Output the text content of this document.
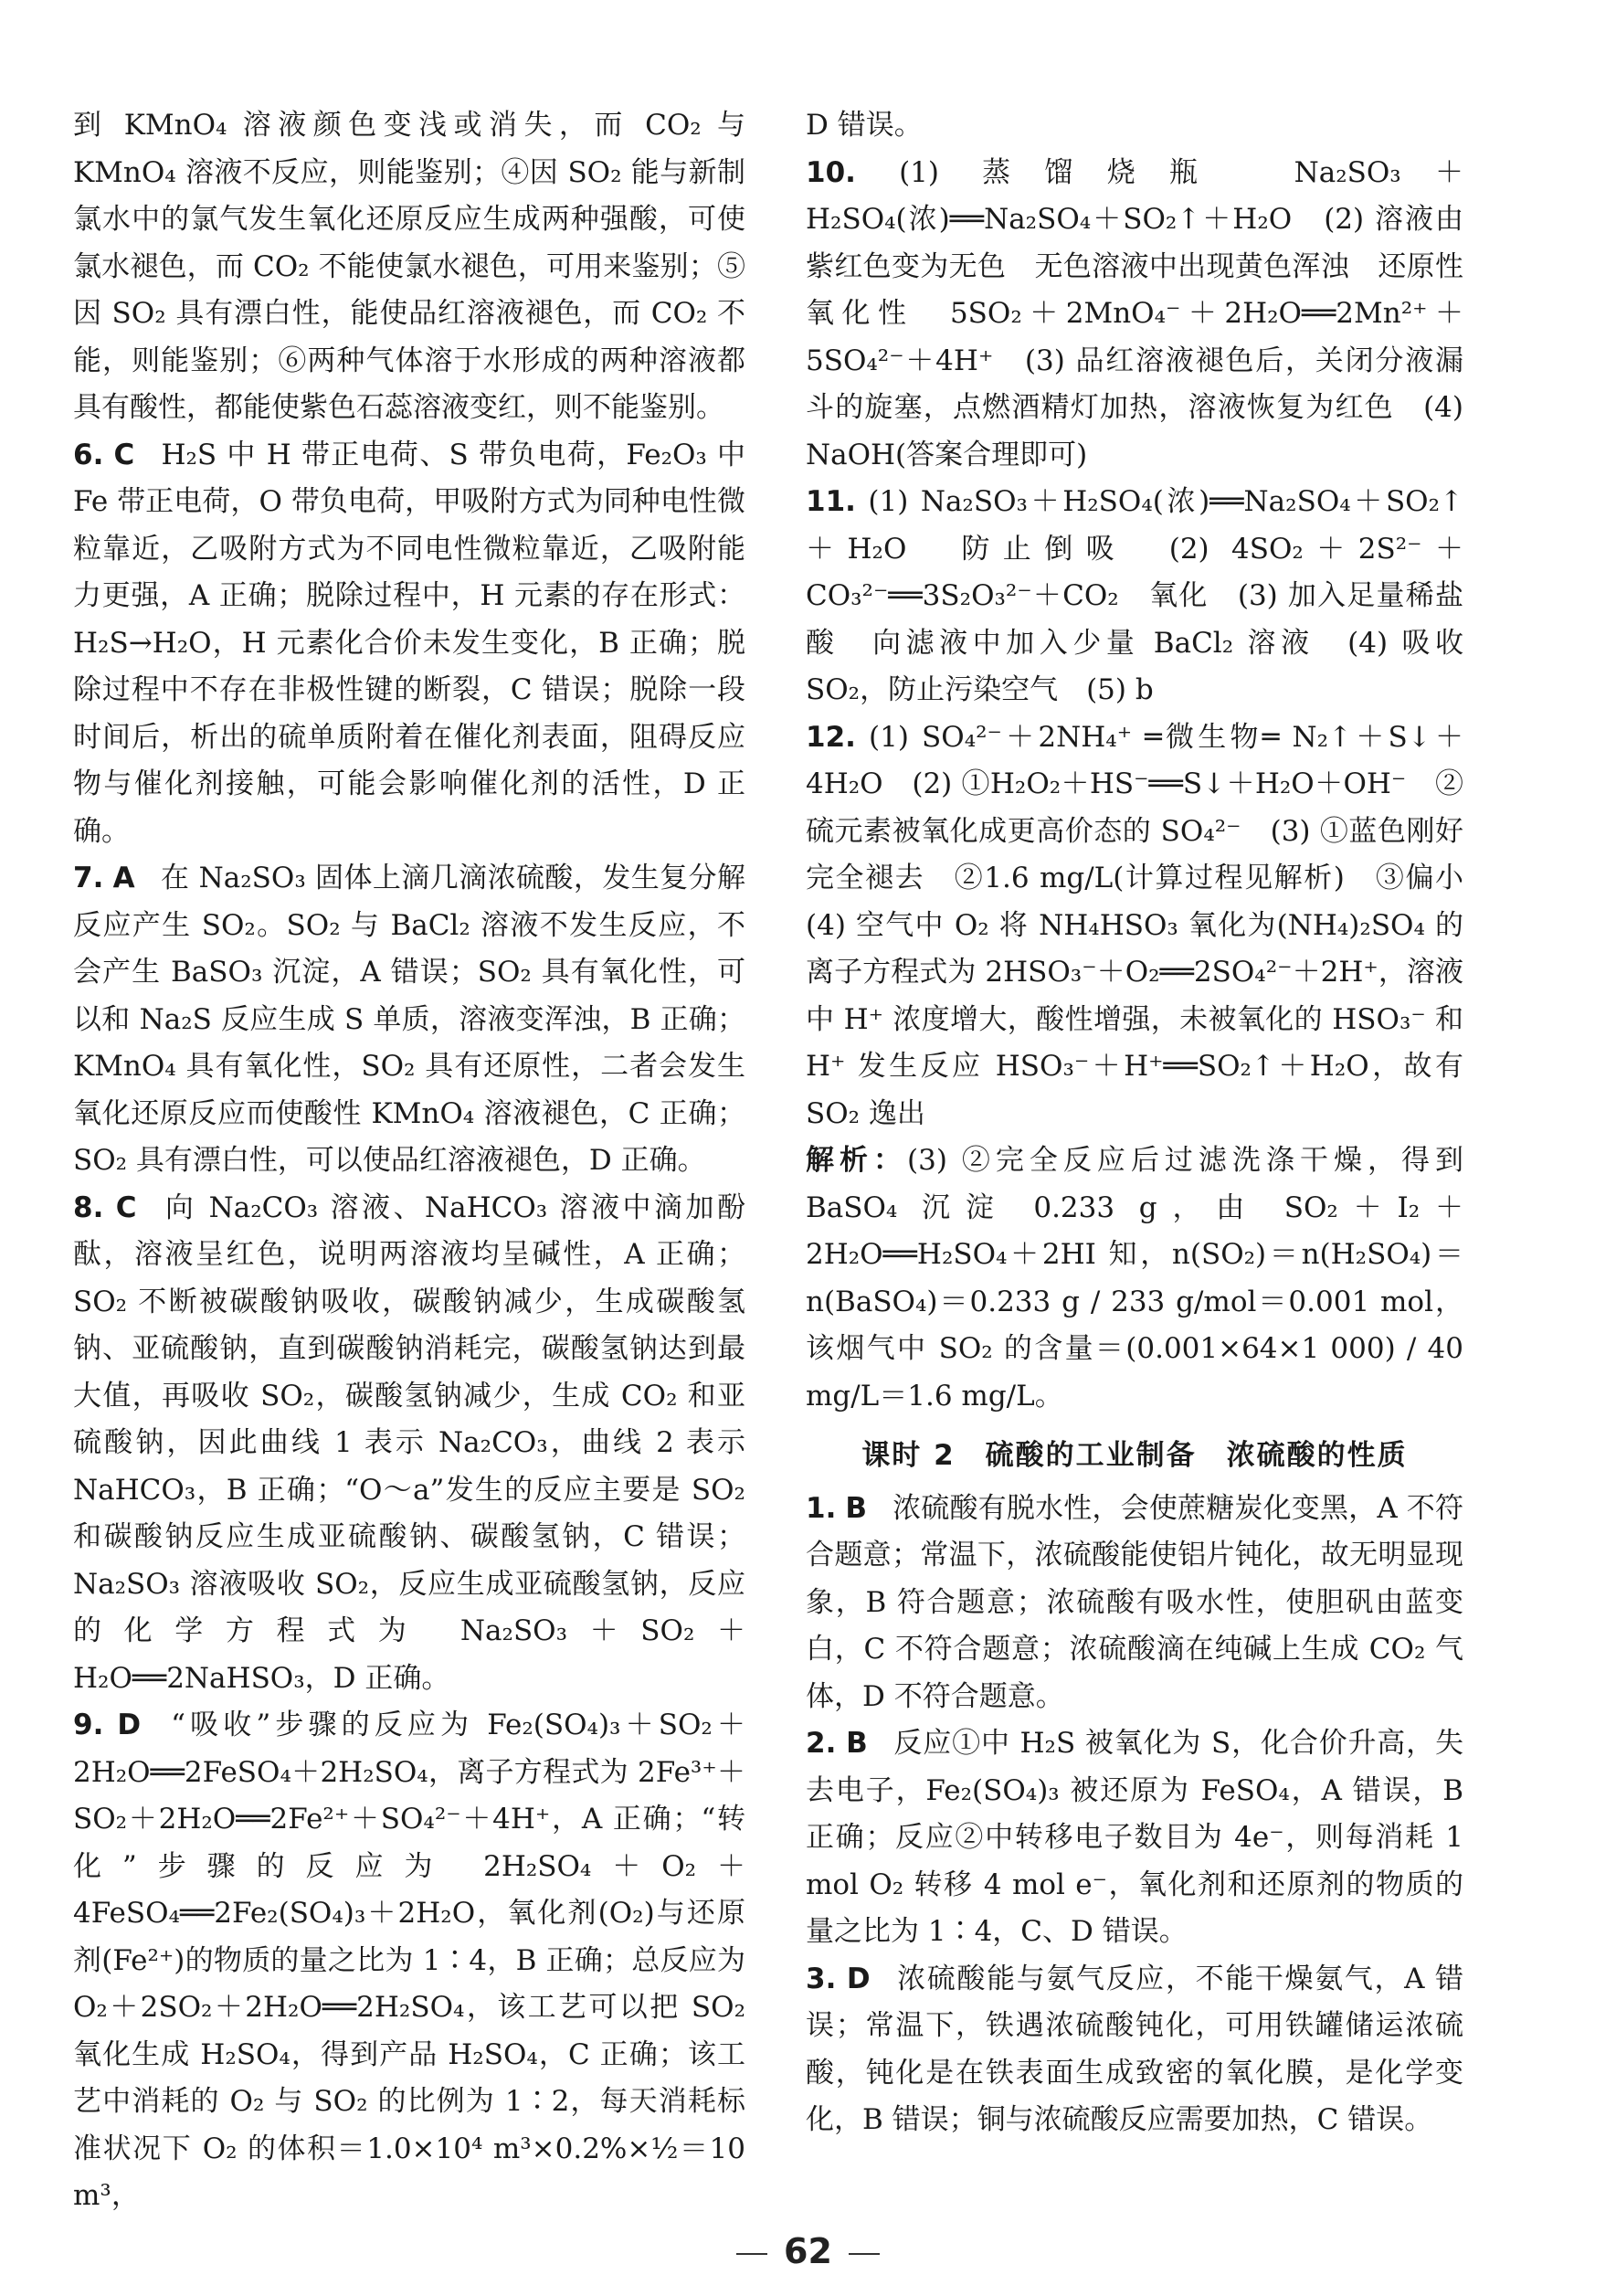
到 KMnO₄ 溶液颜色变浅或消失，而 CO₂ 与 KMnO₄ 溶液不反应，则能鉴别；④因 SO₂ 能与新制氯水中的氯气发生氧化还原反应生成两种强酸，可使氯水褪色，而 CO₂ 不能使氯水褪色，可用来鉴别；⑤因 SO₂ 具有漂白性，能使品红溶液褪色，而 CO₂ 不能，则能鉴别；⑥两种气体溶于水形成的两种溶液都具有酸性，都能使紫色石蕊溶液变红，则不能鉴别。

6. C H₂S 中 H 带正电荷、S 带负电荷，Fe₂O₃ 中 Fe 带正电荷，O 带负电荷，甲吸附方式为同种电性微粒靠近，乙吸附方式为不同电性微粒靠近，乙吸附能力更强，A 正确；脱除过程中，H 元素的存在形式：H₂S→H₂O，H 元素化合价未发生变化，B 正确；脱除过程中不存在非极性键的断裂，C 错误；脱除一段时间后，析出的硫单质附着在催化剂表面，阻碍反应物与催化剂接触，可能会影响催化剂的活性，D 正确。

7. A 在 Na₂SO₃ 固体上滴几滴浓硫酸，发生复分解反应产生 SO₂。SO₂ 与 BaCl₂ 溶液不发生反应，不会产生 BaSO₃ 沉淀，A 错误；SO₂ 具有氧化性，可以和 Na₂S 反应生成 S 单质，溶液变浑浊，B 正确；KMnO₄ 具有氧化性，SO₂ 具有还原性，二者会发生氧化还原反应而使酸性 KMnO₄ 溶液褪色，C 正确；SO₂ 具有漂白性，可以使品红溶液褪色，D 正确。

8. C 向 Na₂CO₃ 溶液、NaHCO₃ 溶液中滴加酚酞，溶液呈红色，说明两溶液均呈碱性，A 正确；SO₂ 不断被碳酸钠吸收，碳酸钠减少，生成碳酸氢钠、亚硫酸钠，直到碳酸钠消耗完，碳酸氢钠达到最大值，再吸收 SO₂，碳酸氢钠减少，生成 CO₂ 和亚硫酸钠，因此曲线 1 表示 Na₂CO₃，曲线 2 表示 NaHCO₃，B 正确；“O～a”发生的反应主要是 SO₂ 和碳酸钠反应生成亚硫酸钠、碳酸氢钠，C 错误；Na₂SO₃ 溶液吸收 SO₂，反应生成亚硫酸氢钠，反应的化学方程式为 Na₂SO₃＋SO₂＋H₂O══2NaHSO₃，D 正确。

9. D “吸收”步骤的反应为 Fe₂(SO₄)₃＋SO₂＋2H₂O══2FeSO₄＋2H₂SO₄，离子方程式为 2Fe³⁺＋SO₂＋2H₂O══2Fe²⁺＋SO₄²⁻＋4H⁺，A 正确；“转化”步骤的反应为 2H₂SO₄＋O₂＋4FeSO₄══2Fe₂(SO₄)₃＋2H₂O，氧化剂(O₂)与还原剂(Fe²⁺)的物质的量之比为 1∶4，B 正确；总反应为 O₂＋2SO₂＋2H₂O══2H₂SO₄，该工艺可以把 SO₂ 氧化生成 H₂SO₄，得到产品 H₂SO₄，C 正确；该工艺中消耗的 O₂ 与 SO₂ 的比例为 1∶2，每天消耗标准状况下 O₂ 的体积＝1.0×10⁴ m³×0.2%×½＝10 m³，

D 错误。

10. (1) 蒸馏烧瓶　Na₂SO₃＋H₂SO₄(浓)══Na₂SO₄＋SO₂↑＋H₂O　(2) 溶液由紫红色变为无色　无色溶液中出现黄色浑浊　还原性　氧化性　5SO₂＋2MnO₄⁻＋2H₂O══2Mn²⁺＋5SO₄²⁻＋4H⁺　(3) 品红溶液褪色后，关闭分液漏斗的旋塞，点燃酒精灯加热，溶液恢复为红色　(4) NaOH(答案合理即可)

11. (1) Na₂SO₃＋H₂SO₄(浓)══Na₂SO₄＋SO₂↑＋H₂O　防止倒吸　(2) 4SO₂＋2S²⁻＋CO₃²⁻══3S₂O₃²⁻＋CO₂　氧化　(3) 加入足量稀盐酸　向滤液中加入少量 BaCl₂ 溶液　(4) 吸收 SO₂，防止污染空气　(5) b

12. (1) SO₄²⁻＋2NH₄⁺ ═微生物═ N₂↑＋S↓＋4H₂O　(2) ①H₂O₂＋HS⁻══S↓＋H₂O＋OH⁻　②硫元素被氧化成更高价态的 SO₄²⁻　(3) ①蓝色刚好完全褪去　②1.6 mg/L(计算过程见解析)　③偏小　(4) 空气中 O₂ 将 NH₄HSO₃ 氧化为(NH₄)₂SO₄ 的离子方程式为 2HSO₃⁻＋O₂══2SO₄²⁻＋2H⁺，溶液中 H⁺ 浓度增大，酸性增强，未被氧化的 HSO₃⁻ 和 H⁺ 发生反应 HSO₃⁻＋H⁺══SO₂↑＋H₂O，故有 SO₂ 逸出

解析：(3) ②完全反应后过滤洗涤干燥，得到 BaSO₄ 沉淀 0.233 g，由 SO₂＋I₂＋2H₂O══H₂SO₄＋2HI 知，n(SO₂)＝n(H₂SO₄)＝n(BaSO₄)＝0.233 g / 233 g/mol＝0.001 mol，该烟气中 SO₂ 的含量＝(0.001×64×1 000) / 40 mg/L＝1.6 mg/L。

课时 2　硫酸的工业制备　浓硫酸的性质

1. B 浓硫酸有脱水性，会使蔗糖炭化变黑，A 不符合题意；常温下，浓硫酸能使铝片钝化，故无明显现象，B 符合题意；浓硫酸有吸水性，使胆矾由蓝变白，C 不符合题意；浓硫酸滴在纯碱上生成 CO₂ 气体，D 不符合题意。

2. B 反应①中 H₂S 被氧化为 S，化合价升高，失去电子，Fe₂(SO₄)₃ 被还原为 FeSO₄，A 错误，B 正确；反应②中转移电子数目为 4e⁻，则每消耗 1 mol O₂ 转移 4 mol e⁻，氧化剂和还原剂的物质的量之比为 1∶4，C、D 错误。

3. D 浓硫酸能与氨气反应，不能干燥氨气，A 错误；常温下，铁遇浓硫酸钝化，可用铁罐储运浓硫酸，钝化是在铁表面生成致密的氧化膜，是化学变化，B 错误；铜与浓硫酸反应需要加热，C 错误。

62
